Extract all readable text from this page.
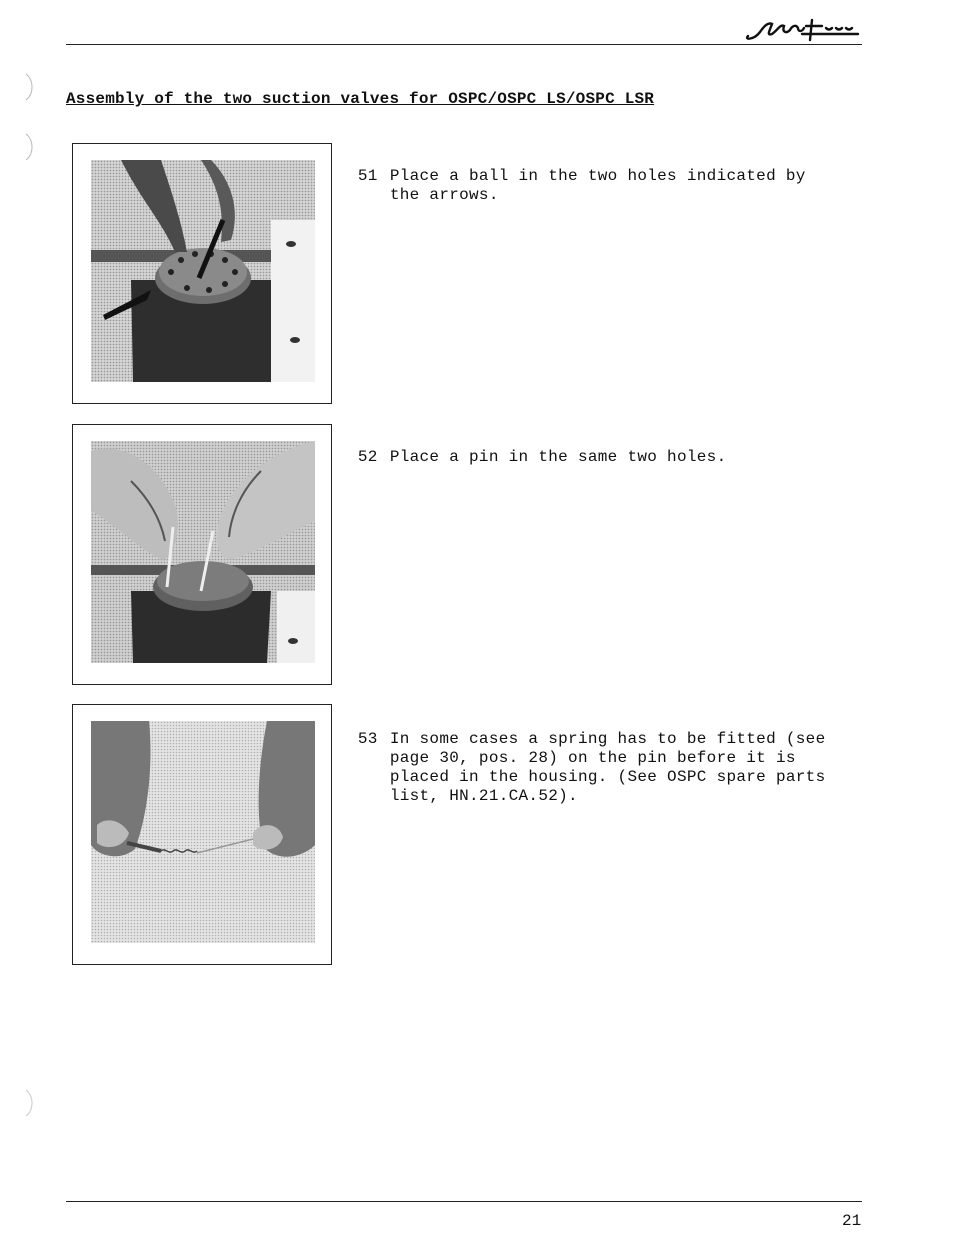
Assembly of the two suction valves for OSPC/OSPC LS/OSPC LSR

51 Place a ball in the two holes indicated by
the arrows.

52 Place a pin in the same two holes.

53 In some cases a spring has to be fitted (see
page 30, pos. 28) on the pin before it is
placed in the housing. (See OSPC spare parts
list, HN.21.CA.52).

21
